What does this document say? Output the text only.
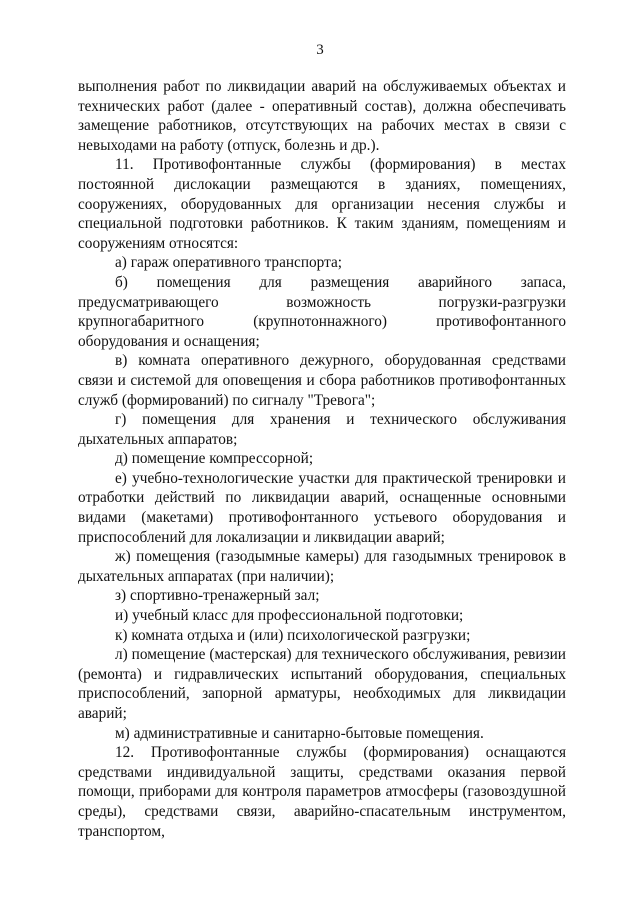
3

выполнения работ по ликвидации аварий на обслуживаемых объектах и технических работ (далее - оперативный состав), должна обеспечивать замещение работников, отсутствующих на рабочих местах в связи с невыходами на работу (отпуск, болезнь и др.).

11. Противофонтанные службы (формирования) в местах постоянной дислокации размещаются в зданиях, помещениях, сооружениях, оборудованных для организации несения службы и специальной подготовки работников. К таким зданиям, помещениям и сооружениям относятся:

а) гараж оперативного транспорта;

б) помещения для размещения аварийного запаса, предусматривающего возможность погрузки-разгрузки крупногабаритного (крупнотоннажного) противофонтанного оборудования и оснащения;

в) комната оперативного дежурного, оборудованная средствами связи и системой для оповещения и сбора работников противофонтанных служб (формирований) по сигналу "Тревога";

г) помещения для хранения и технического обслуживания дыхательных аппаратов;

д) помещение компрессорной;

е) учебно-технологические участки для практической тренировки и отработки действий по ликвидации аварий, оснащенные основными видами (макетами) противофонтанного устьевого оборудования и приспособлений для локализации и ликвидации аварий;

ж) помещения (газодымные камеры) для газодымных тренировок в дыхательных аппаратах (при наличии);

з) спортивно-тренажерный зал;

и) учебный класс для профессиональной подготовки;

к) комната отдыха и (или) психологической разгрузки;

л) помещение (мастерская) для технического обслуживания, ревизии (ремонта) и гидравлических испытаний оборудования, специальных приспособлений, запорной арматуры, необходимых для ликвидации аварий;

м) административные и санитарно-бытовые помещения.

12. Противофонтанные службы (формирования) оснащаются средствами индивидуальной защиты, средствами оказания первой помощи, приборами для контроля параметров атмосферы (газовоздушной среды), средствами связи, аварийно-спасательным инструментом, транспортом,
